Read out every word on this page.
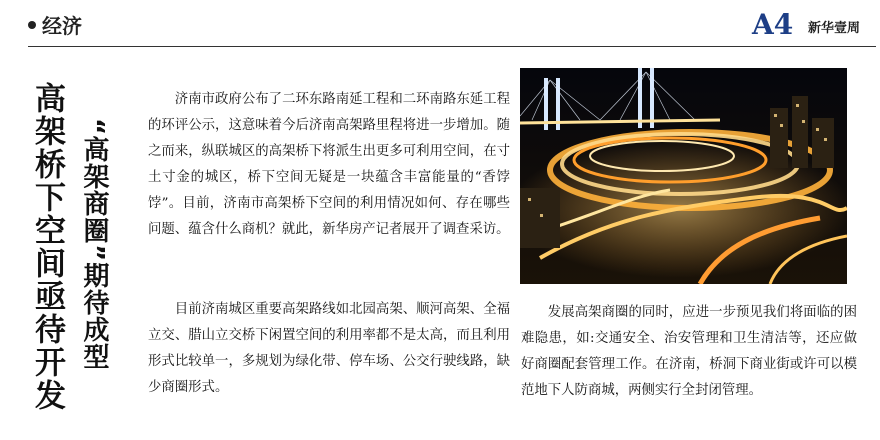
经济	A4 新华壹周
高架桥下空间亟待开发 “高架商圈”期待成型
济南市政府公布了二环东路南延工程和二环南路东延工程的环评公示，这意味着今后济南高架路里程将进一步增加。随之而来，纵联城区的高架桥下将派生出更多可利用空间，在寸土寸金的城区，桥下空间无疑是一块蕴含丰富能量的“香饽饽”。目前，济南市高架桥下空间的利用情况如何、存在哪些问题、蕴含什么商机？就此，新华房产记者展开了调查采访。
目前济南城区重要高架路线如北园高架、顺河高架、全福立交、腊山立交桥下闲置空间的利用率都不是太高，而且利用形式比较单一，多规划为绿化带、停车场、公交行驶线路，缺少商圈形式。
发展高架商圈的同时，应进一步预见我们将面临的困难隐患，如:交通安全、治安管理和卫生清洁等，还应做好商圈配套管理工作。在济南，桥洞下商业街或许可以模范地下人防商城，两侧实行全封闭管理。
